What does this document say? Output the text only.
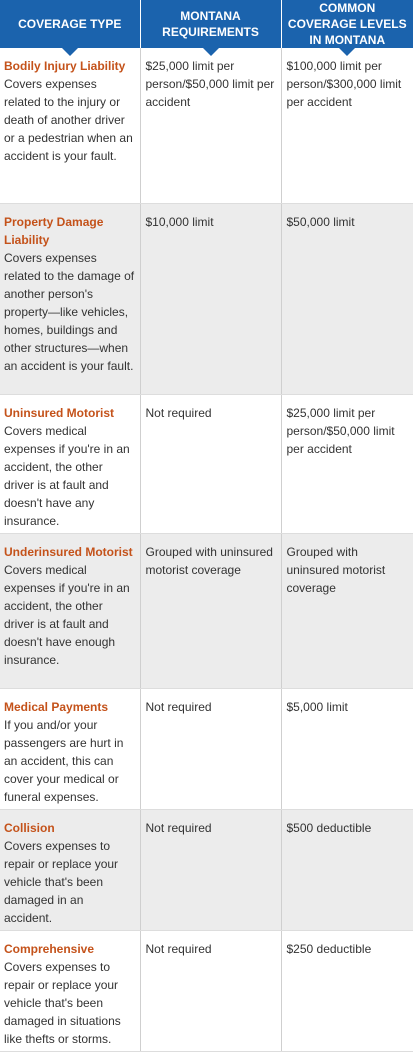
COVERAGE TYPE	MONTANA REQUIREMENTS	COMMON COVERAGE LEVELS IN MONTANA

Bodily Injury Liability
Covers expenses related to the injury or death of another driver or a pedestrian when an accident is your fault.	$25,000 limit per person/$50,000 limit per accident	$100,000 limit per person/$300,000 limit per accident

Property Damage Liability
Covers expenses related to the damage of another person's property—like vehicles, homes, buildings and other structures—when an accident is your fault.	$10,000 limit	$50,000 limit

Uninsured Motorist
Covers medical expenses if you're in an accident, the other driver is at fault and doesn't have any insurance.	Not required	$25,000 limit per person/$50,000 limit per accident

Underinsured Motorist
Covers medical expenses if you're in an accident, the other driver is at fault and doesn't have enough insurance.	Grouped with uninsured motorist coverage	Grouped with uninsured motorist coverage

Medical Payments
If you and/or your passengers are hurt in an accident, this can cover your medical or funeral expenses.	Not required	$5,000 limit

Collision
Covers expenses to repair or replace your vehicle that's been damaged in an accident.	Not required	$500 deductible

Comprehensive
Covers expenses to repair or replace your vehicle that's been damaged in situations like thefts or storms.	Not required	$250 deductible
